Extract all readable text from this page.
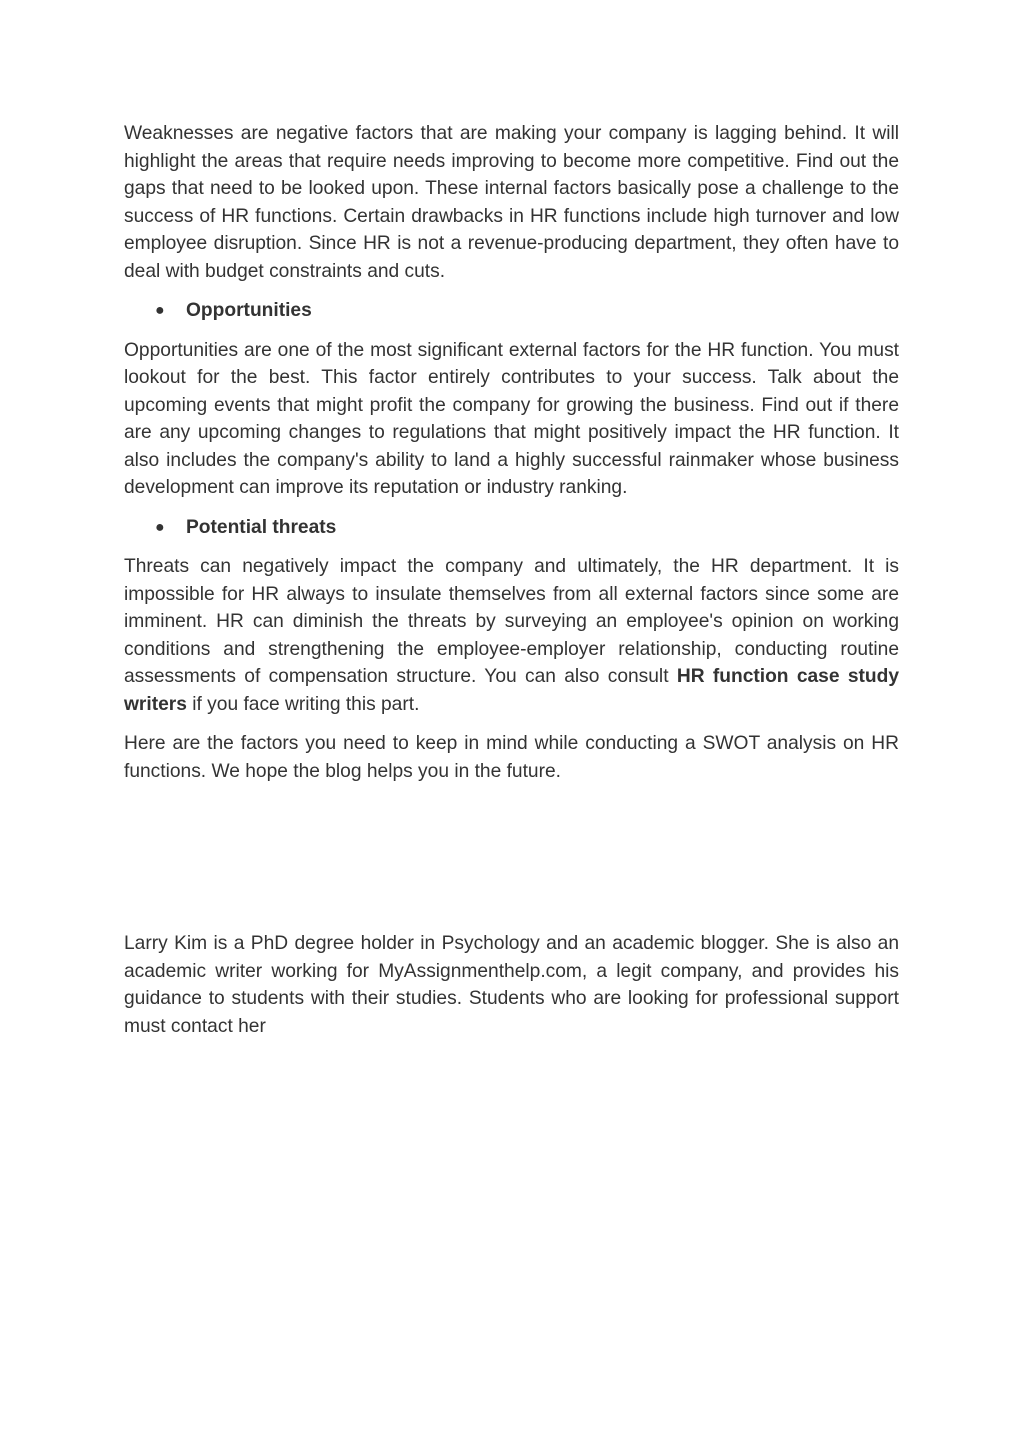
Weaknesses are negative factors that are making your company is lagging behind. It will highlight the areas that require needs improving to become more competitive. Find out the gaps that need to be looked upon. These internal factors basically pose a challenge to the success of HR functions. Certain drawbacks in HR functions include high turnover and low employee disruption. Since HR is not a revenue-producing department, they often have to deal with budget constraints and cuts.

●	Opportunities

Opportunities are one of the most significant external factors for the HR function. You must lookout for the best. This factor entirely contributes to your success. Talk about the upcoming events that might profit the company for growing the business. Find out if there are any upcoming changes to regulations that might positively impact the HR function. It also includes the company's ability to land a highly successful rainmaker whose business development can improve its reputation or industry ranking.

●	Potential threats

Threats can negatively impact the company and ultimately, the HR department. It is impossible for HR always to insulate themselves from all external factors since some are imminent. HR can diminish the threats by surveying an employee's opinion on working conditions and strengthening the employee-employer relationship, conducting routine assessments of compensation structure. You can also consult HR function case study writers if you face writing this part.

Here are the factors you need to keep in mind while conducting a SWOT analysis on HR functions. We hope the blog helps you in the future.

Larry Kim is a PhD degree holder in Psychology and an academic blogger. She is also an academic writer working for MyAssignmenthelp.com, a legit company, and provides his guidance to students with their studies. Students who are looking for professional support must contact her
